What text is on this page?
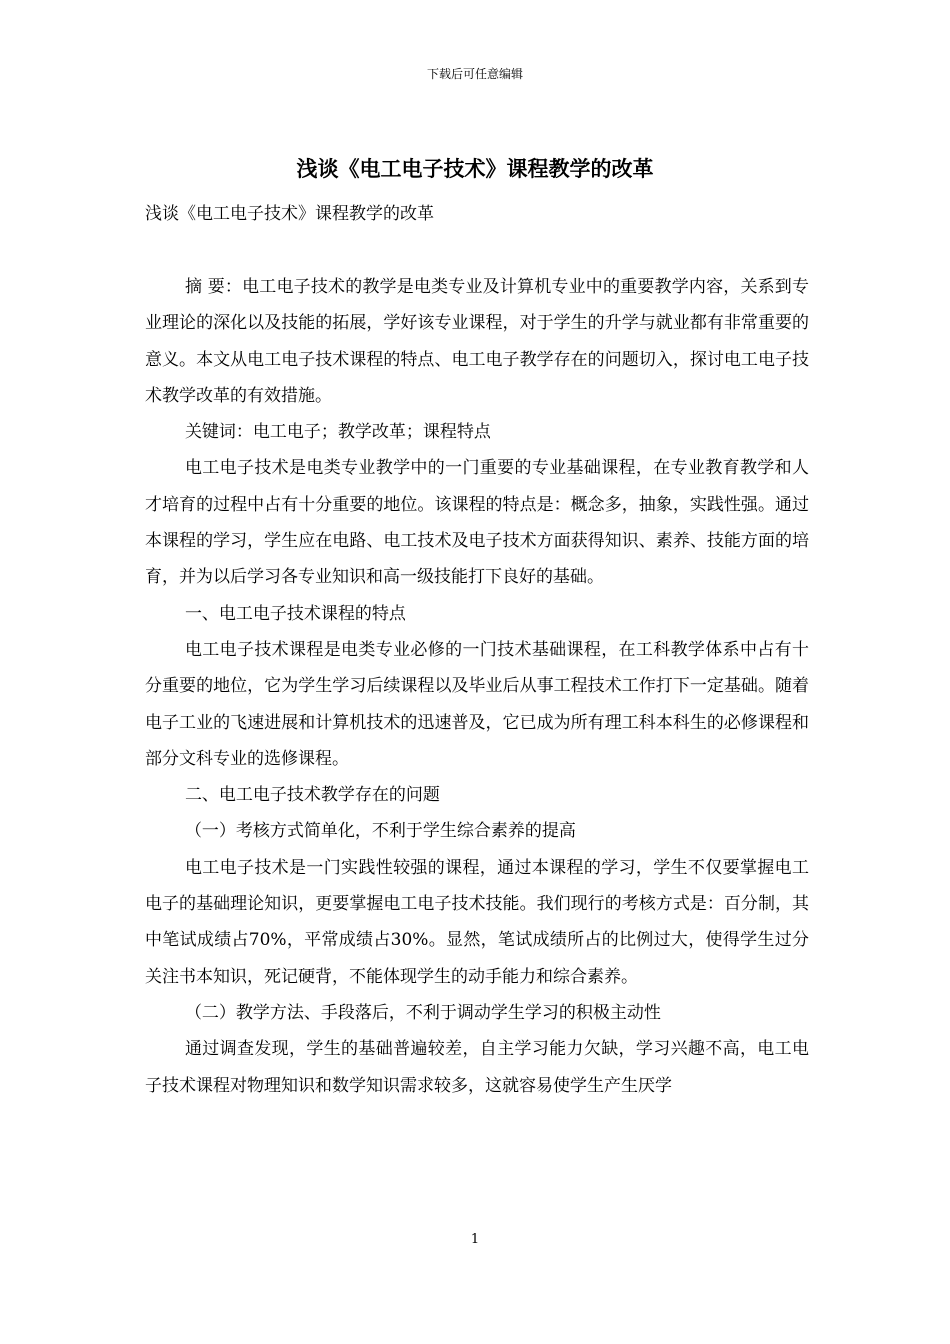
下载后可任意编辑
浅谈《电工电子技术》课程教学的改革
浅谈《电工电子技术》课程教学的改革

摘 要：电工电子技术的教学是电类专业及计算机专业中的重要教学内容，关系到专业理论的深化以及技能的拓展，学好该专业课程，对于学生的升学与就业都有非常重要的意义。本文从电工电子技术课程的特点、电工电子教学存在的问题切入，探讨电工电子技术教学改革的有效措施。

关键词：电工电子；教学改革；课程特点

电工电子技术是电类专业教学中的一门重要的专业基础课程，在专业教育教学和人才培育的过程中占有十分重要的地位。该课程的特点是：概念多，抽象，实践性强。通过本课程的学习，学生应在电路、电工技术及电子技术方面获得知识、素养、技能方面的培育，并为以后学习各专业知识和高一级技能打下良好的基础。

一、电工电子技术课程的特点

电工电子技术课程是电类专业必修的一门技术基础课程，在工科教学体系中占有十分重要的地位，它为学生学习后续课程以及毕业后从事工程技术工作打下一定基础。随着电子工业的飞速进展和计算机技术的迅速普及，它已成为所有理工科本科生的必修课程和部分文科专业的选修课程。

二、电工电子技术教学存在的问题

（一）考核方式简单化，不利于学生综合素养的提高

电工电子技术是一门实践性较强的课程，通过本课程的学习，学生不仅要掌握电工电子的基础理论知识，更要掌握电工电子技术技能。我们现行的考核方式是：百分制，其中笔试成绩占70%，平常成绩占30%。显然，笔试成绩所占的比例过大，使得学生过分关注书本知识，死记硬背，不能体现学生的动手能力和综合素养。

（二）教学方法、手段落后，不利于调动学生学习的积极主动性

通过调查发现，学生的基础普遍较差，自主学习能力欠缺，学习兴趣不高，电工电子技术课程对物理知识和数学知识需求较多，这就容易使学生产生厌学

1
